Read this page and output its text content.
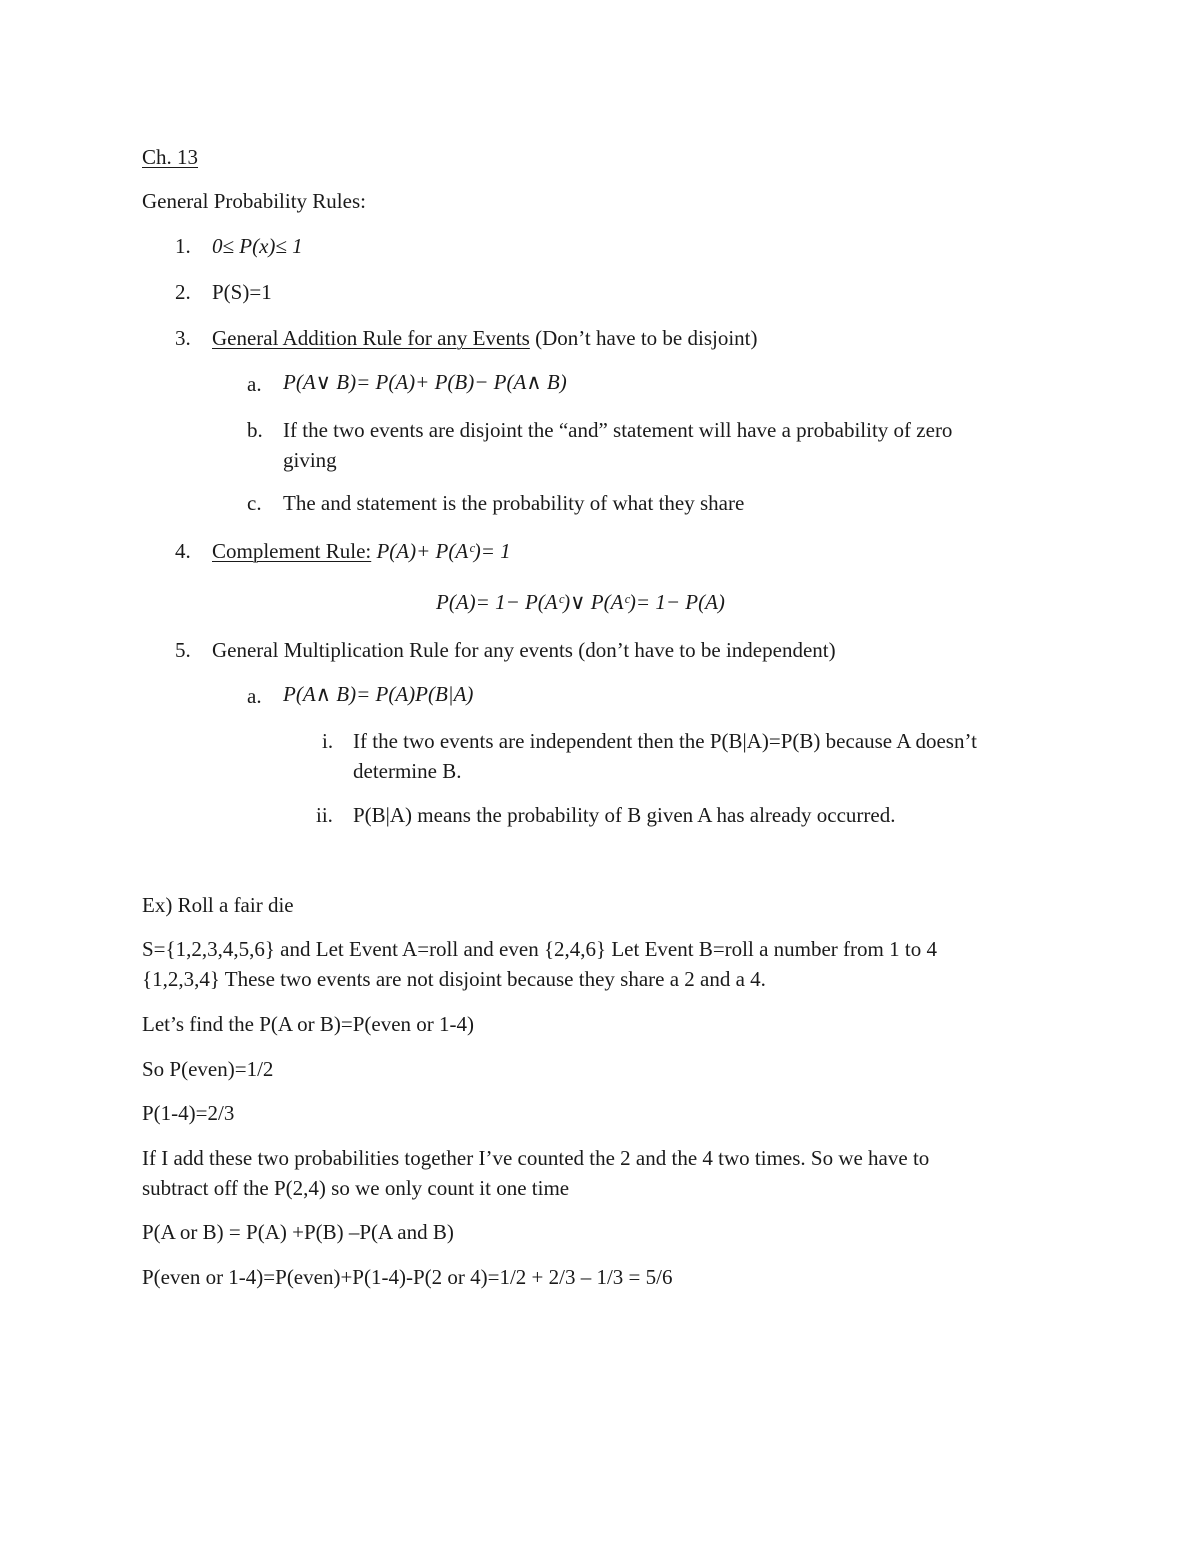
Ch. 13
General Probability Rules:
1. 0≤ P(x)≤ 1
2. P(S)=1
3. General Addition Rule for any Events (Don’t have to be disjoint)
a. P(A∨ B)= P(A)+ P(B)− P(A∧ B)
b. If the two events are disjoint the “and” statement will have a probability of zero
giving
c. The and statement is the probability of what they share
4. Complement Rule: P(A)+ P(Aᶜ)= 1
P(A)= 1− P(Aᶜ)∨ P(Aᶜ)= 1− P(A)
5. General Multiplication Rule for any events (don’t have to be independent)
a. P(A∧ B)= P(A)P(B|A)
i. If the two events are independent then the P(B|A)=P(B) because A doesn’t
determine B.
ii. P(B|A) means the probability of B given A has already occurred.
Ex) Roll a fair die
S={1,2,3,4,5,6} and Let Event A=roll and even {2,4,6} Let Event B=roll a number from 1 to 4
{1,2,3,4} These two events are not disjoint because they share a 2 and a 4.
Let’s find the P(A or B)=P(even or 1-4)
So P(even)=1/2
P(1-4)=2/3
If I add these two probabilities together I’ve counted the 2 and the 4 two times. So we have to
subtract off the P(2,4) so we only count it one time
P(A or B) = P(A) +P(B) –P(A and B)
P(even or 1-4)=P(even)+P(1-4)-P(2 or 4)=1/2 + 2/3 – 1/3 = 5/6
